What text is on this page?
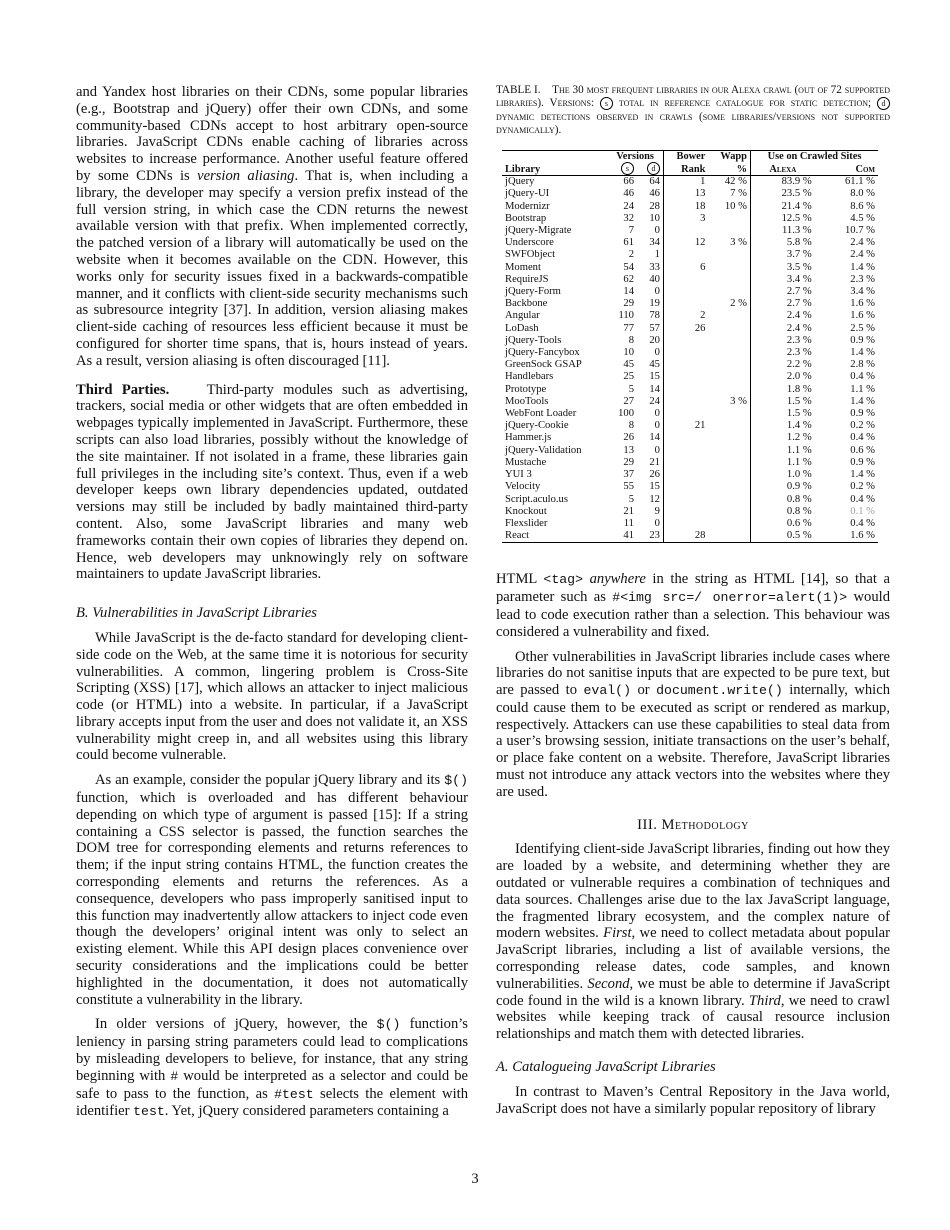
and Yandex host libraries on their CDNs, some popular libraries (e.g., Bootstrap and jQuery) offer their own CDNs, and some community-based CDNs accept to host arbitrary open-source libraries. JavaScript CDNs enable caching of libraries across websites to increase performance. Another useful feature offered by some CDNs is version aliasing. That is, when including a library, the developer may specify a version prefix instead of the full version string, in which case the CDN returns the newest available version with that prefix. When implemented correctly, the patched version of a library will automatically be used on the website when it becomes available on the CDN. However, this works only for security issues fixed in a backwards-compatible manner, and it conflicts with client-side security mechanisms such as subresource integrity [37]. In addition, version aliasing makes client-side caching of resources less efficient because it must be configured for shorter time spans, that is, hours instead of years. As a result, version aliasing is often discouraged [11].

Third Parties.	Third-party modules such as advertising, trackers, social media or other widgets that are often embedded in webpages typically implemented in JavaScript. Furthermore, these scripts can also load libraries, possibly without the knowledge of the site maintainer. If not isolated in a frame, these libraries gain full privileges in the including site’s context. Thus, even if a web developer keeps own library dependencies updated, outdated versions may still be included by badly maintained third-party content. Also, some JavaScript libraries and many web frameworks contain their own copies of libraries they depend on. Hence, web developers may unknowingly rely on software maintainers to update JavaScript libraries.

B. Vulnerabilities in JavaScript Libraries

While JavaScript is the de-facto standard for developing client-side code on the Web, at the same time it is notorious for security vulnerabilities. A common, lingering problem is Cross-Site Scripting (XSS) [17], which allows an attacker to inject malicious code (or HTML) into a website. In particular, if a JavaScript library accepts input from the user and does not validate it, an XSS vulnerability might creep in, and all websites using this library could become vulnerable.

As an example, consider the popular jQuery library and its $() function, which is overloaded and has different behaviour depending on which type of argument is passed [15]: If a string containing a CSS selector is passed, the function searches the DOM tree for corresponding elements and returns references to them; if the input string contains HTML, the function creates the corresponding elements and returns the references. As a consequence, developers who pass improperly sanitised input to this function may inadvertently allow attackers to inject code even though the developers’ original intent was only to select an existing element. While this API design places convenience over security considerations and the implications could be better highlighted in the documentation, it does not automatically constitute a vulnerability in the library.

In older versions of jQuery, however, the $() function’s leniency in parsing string parameters could lead to complications by misleading developers to believe, for instance, that any string beginning with # would be interpreted as a selector and could be safe to pass to the function, as #test selects the element with identifier test. Yet, jQuery considered parameters containing a

TABLE I. The 30 most frequent libraries in our Alexa crawl (out of 72 supported libraries). Versions: s total in reference catalogue for static detection; d dynamic detections observed in crawls (some libraries/versions not supported dynamically).

Library	Versions		Bower	Wapp	Use on Crawled Sites	
	s	d	Rank	%	Alexa	Com
jQuery	66	64	1	42 %	83.9 %	61.1 %
jQuery-UI	46	46	13	7 %	23.5 %	8.0 %
Modernizr	24	28	18	10 %	21.4 %	8.6 %
Bootstrap	32	10	3		12.5 %	4.5 %
jQuery-Migrate	7	0			11.3 %	10.7 %
Underscore	61	34	12	3 %	5.8 %	2.4 %
SWFObject	2	1			3.7 %	2.4 %
Moment	54	33	6		3.5 %	1.4 %
RequireJS	62	40			3.4 %	2.3 %
jQuery-Form	14	0			2.7 %	3.4 %
Backbone	29	19		2 %	2.7 %	1.6 %
Angular	110	78	2		2.4 %	1.6 %
LoDash	77	57	26		2.4 %	2.5 %
jQuery-Tools	8	20			2.3 %	0.9 %
jQuery-Fancybox	10	0			2.3 %	1.4 %
GreenSock GSAP	45	45			2.2 %	2.8 %
Handlebars	25	15			2.0 %	0.4 %
Prototype	5	14			1.8 %	1.1 %
MooTools	27	24		3 %	1.5 %	1.4 %
WebFont Loader	100	0			1.5 %	0.9 %
jQuery-Cookie	8	0	21		1.4 %	0.2 %
Hammer.js	26	14			1.2 %	0.4 %
jQuery-Validation	13	0			1.1 %	0.6 %
Mustache	29	21			1.1 %	0.9 %
YUI 3	37	26			1.0 %	1.4 %
Velocity	55	15			0.9 %	0.2 %
Script.aculo.us	5	12			0.8 %	0.4 %
Knockout	21	9			0.8 %	0.1 %
Flexslider	11	0			0.6 %	0.4 %
React	41	23	28		0.5 %	1.6 %

HTML <tag> anywhere in the string as HTML [14], so that a parameter such as #<img src=/ onerror=alert(1)> would lead to code execution rather than a selection. This behaviour was considered a vulnerability and fixed.

Other vulnerabilities in JavaScript libraries include cases where libraries do not sanitise inputs that are expected to be pure text, but are passed to eval() or document.write() internally, which could cause them to be executed as script or rendered as markup, respectively. Attackers can use these capabilities to steal data from a user’s browsing session, initiate transactions on the user’s behalf, or place fake content on a website. Therefore, JavaScript libraries must not introduce any attack vectors into the websites where they are used.

III. Methodology

Identifying client-side JavaScript libraries, finding out how they are loaded by a website, and determining whether they are outdated or vulnerable requires a combination of techniques and data sources. Challenges arise due to the lax JavaScript language, the fragmented library ecosystem, and the complex nature of modern websites. First, we need to collect metadata about popular JavaScript libraries, including a list of available versions, the corresponding release dates, code samples, and known vulnerabilities. Second, we must be able to determine if JavaScript code found in the wild is a known library. Third, we need to crawl websites while keeping track of causal resource inclusion relationships and match them with detected libraries.

A. Catalogueing JavaScript Libraries

In contrast to Maven’s Central Repository in the Java world, JavaScript does not have a similarly popular repository of library

3
